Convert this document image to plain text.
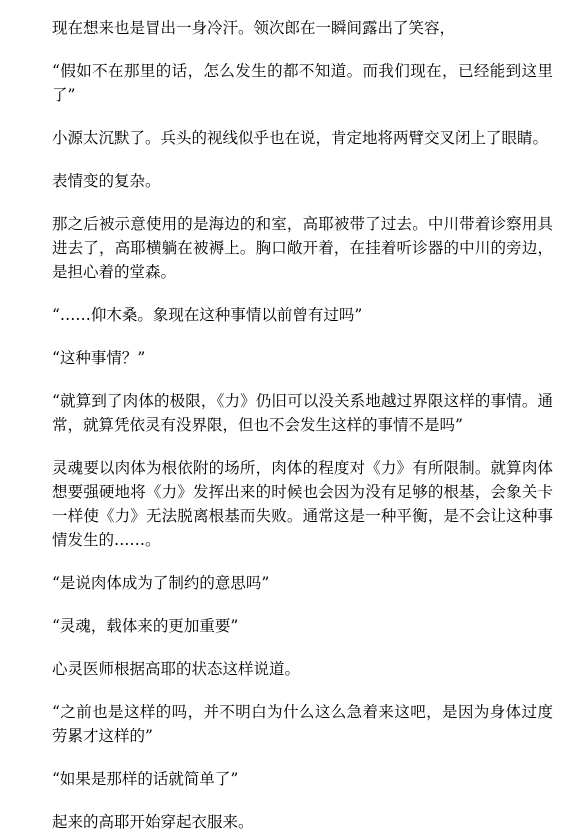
现在想来也是冒出一身冷汗。领次郎在一瞬间露出了笑容，

“假如不在那里的话，怎么发生的都不知道。而我们现在，已经能到这里了”

小源太沉默了。兵头的视线似乎也在说，肯定地将两臂交叉闭上了眼睛。

表情变的复杂。

那之后被示意使用的是海边的和室，高耶被带了过去。中川带着诊察用具进去了，高耶横躺在被褥上。胸口敞开着，在挂着听诊器的中川的旁边，是担心着的堂森。

“……仰木桑。象现在这种事情以前曾有过吗”

“这种事情？”

“就算到了肉体的极限，《力》仍旧可以没关系地越过界限这样的事情。通常，就算凭依灵有没界限，但也不会发生这样的事情不是吗”

灵魂要以肉体为根依附的场所，肉体的程度对《力》有所限制。就算肉体想要强硬地将《力》发挥出来的时候也会因为没有足够的根基，会象关卡一样使《力》无法脱离根基而失败。通常这是一种平衡，是不会让这种事情发生的……。

“是说肉体成为了制约的意思吗”

“灵魂，载体来的更加重要”

心灵医师根据高耶的状态这样说道。

“之前也是这样的吗，并不明白为什么这么急着来这吧，是因为身体过度劳累才这样的”

“如果是那样的话就简单了”

起来的高耶开始穿起衣服来。
